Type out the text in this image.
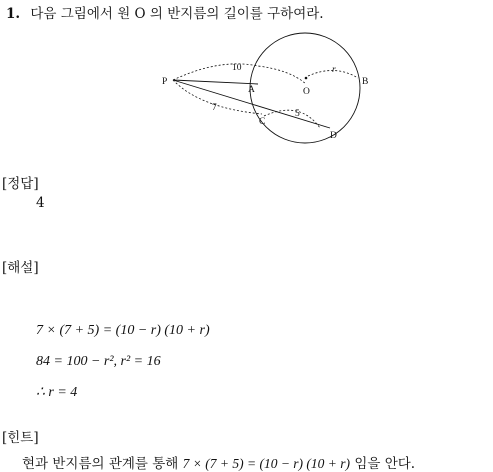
1. 다음 그림에서 원 O 의 반지름의 길이를 구하여라.
P
A	O
B
C
D
10
7
5
r
[정답]
4
[해설]
7 × (7 + 5) = (10 − r) (10 + r)
84 = 100 − r², r² = 16
∴ r = 4
[힌트]
현과 반지름의 관계를 통해 7 × (7 + 5) = (10 − r) (10 + r) 임을 안다.
